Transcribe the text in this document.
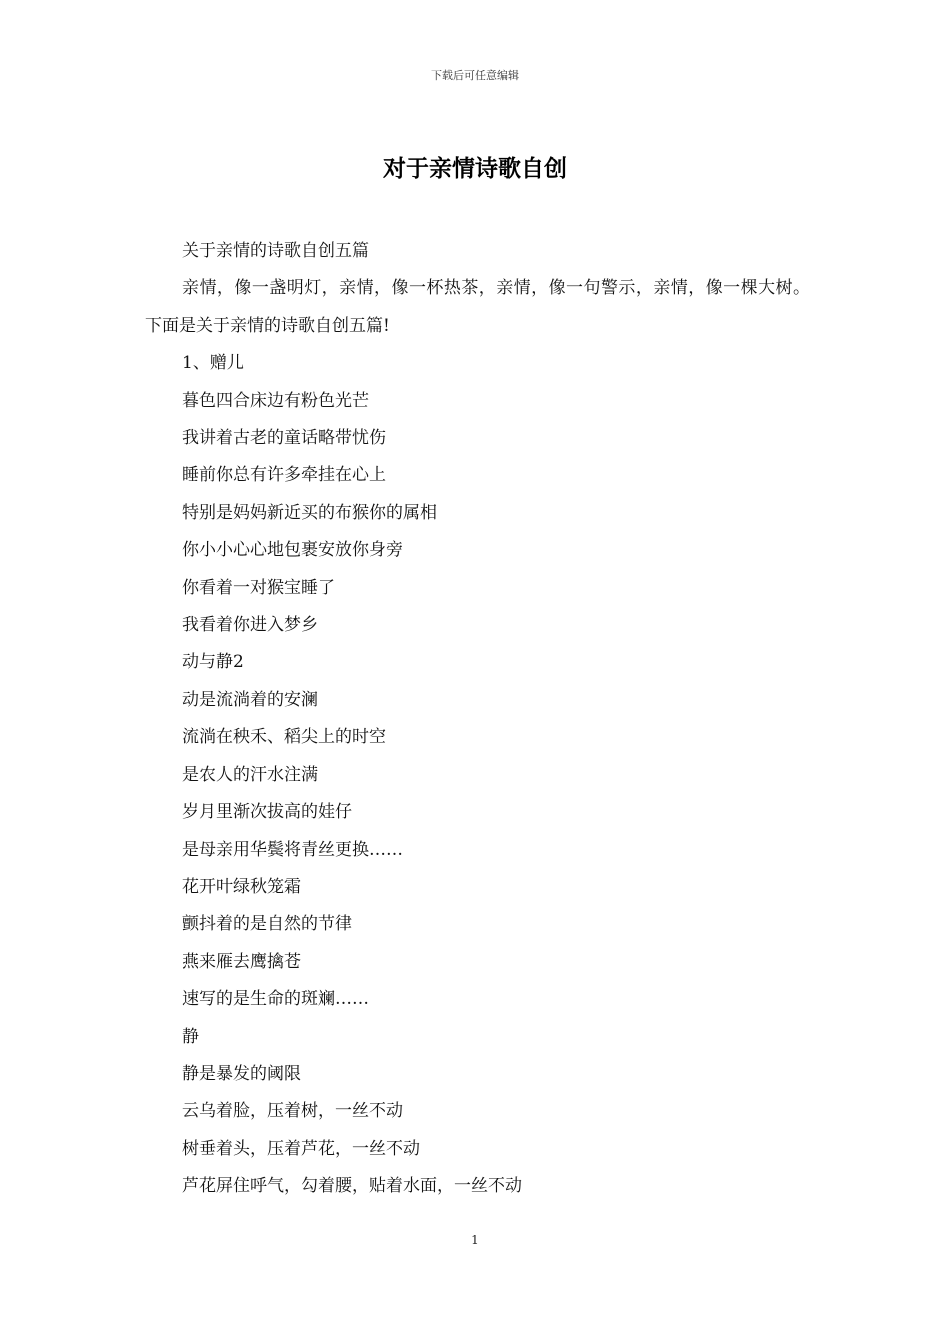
下载后可任意编辑
对于亲情诗歌自创

关于亲情的诗歌自创五篇

亲情，像一盏明灯，亲情，像一杯热茶，亲情，像一句警示，亲情，像一棵大树。下面是关于亲情的诗歌自创五篇!

1、赠儿

暮色四合床边有粉色光芒

我讲着古老的童话略带忧伤

睡前你总有许多牵挂在心上

特别是妈妈新近买的布猴你的属相

你小小心心地包裹安放你身旁

你看着一对猴宝睡了

我看着你进入梦乡

动与静2

动是流淌着的安澜

流淌在秧禾、稻尖上的时空

是农人的汗水注满

岁月里渐次拔高的娃仔

是母亲用华鬓将青丝更换……

花开叶绿秋笼霜

颤抖着的是自然的节律

燕来雁去鹰擒苍

速写的是生命的斑斓……

静

静是暴发的阈限

云乌着脸，压着树，一丝不动

树垂着头，压着芦花，一丝不动

芦花屏住呼气，勾着腰，贴着水面，一丝不动

1
